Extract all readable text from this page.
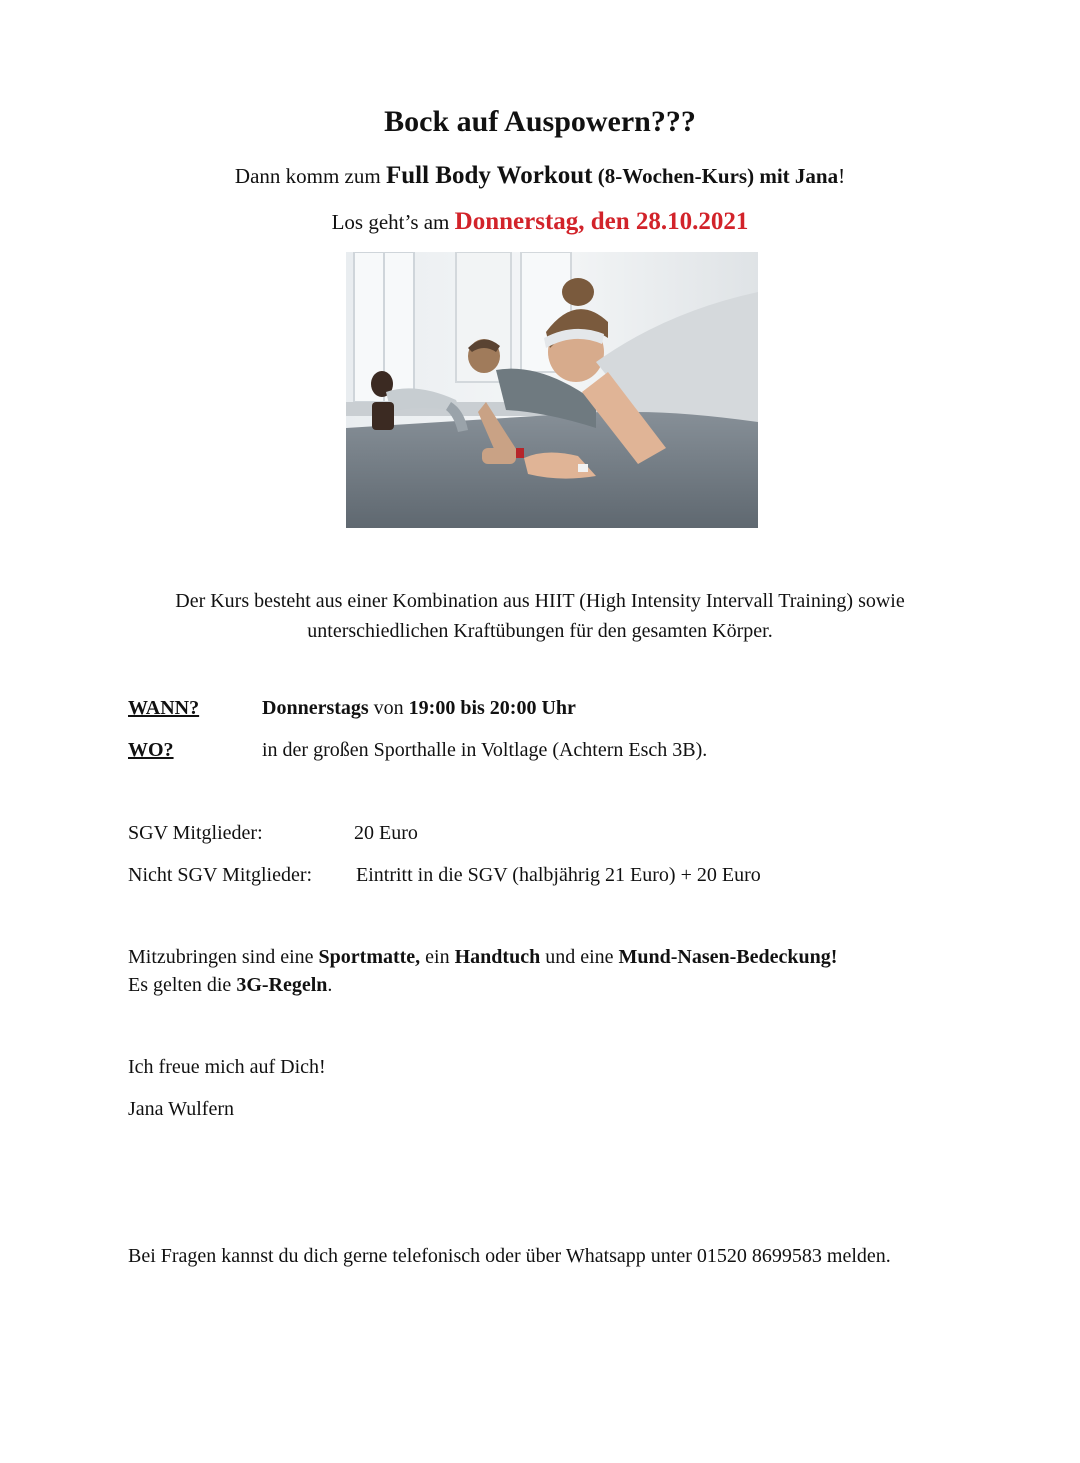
Bock auf Auspowern???
Dann komm zum Full Body Workout (8-Wochen-Kurs) mit Jana!
Los geht’s am Donnerstag, den 28.10.2021
Der Kurs besteht aus einer Kombination aus HIIT (High Intensity Intervall Training) sowie
unterschiedlichen Kraftübungen für den gesamten Körper.
WANN?	Donnerstags von 19:00 bis 20:00 Uhr
WO?	in der großen Sporthalle in Voltlage (Achtern Esch 3B).
SGV Mitglieder:	20 Euro
Nicht SGV Mitglieder: Eintritt in die SGV (halbjährig 21 Euro) + 20 Euro
Mitzubringen sind eine Sportmatte, ein Handtuch und eine Mund-Nasen-Bedeckung!
Es gelten die 3G-Regeln.
Ich freue mich auf Dich!
Jana Wulfern
Bei Fragen kannst du dich gerne telefonisch oder über Whatsapp unter 01520 8699583 melden.
